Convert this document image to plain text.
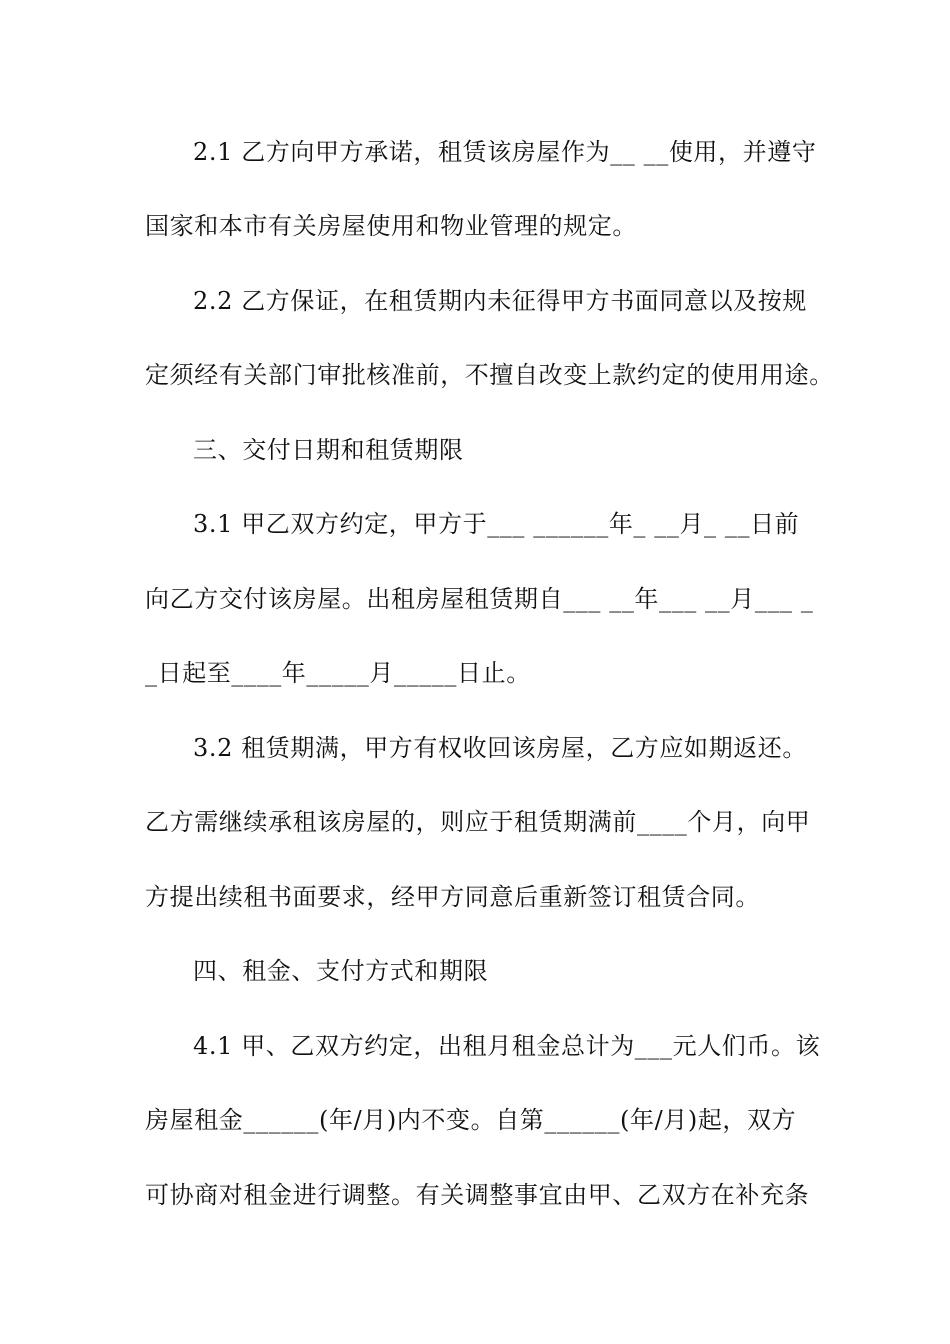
2.1 乙方向甲方承诺，租赁该房屋作为__ __使用，并遵守
国家和本市有关房屋使用和物业管理的规定。
2.2 乙方保证，在租赁期内未征得甲方书面同意以及按规
定须经有关部门审批核准前，不擅自改变上款约定的使用用途。
三、交付日期和租赁期限
3.1 甲乙双方约定，甲方于___ ______年_ __月_ __日前
向乙方交付该房屋。出租房屋租赁期自___ __年___ __月___ _
_日起至____年_____月_____日止。
3.2 租赁期满，甲方有权收回该房屋，乙方应如期返还。
乙方需继续承租该房屋的，则应于租赁期满前____个月，向甲
方提出续租书面要求，经甲方同意后重新签订租赁合同。
四、租金、支付方式和期限
4.1 甲、乙双方约定，出租月租金总计为___元人们币。该
房屋租金______(年/月)内不变。自第______(年/月)起，双方
可协商对租金进行调整。有关调整事宜由甲、乙双方在补充条
